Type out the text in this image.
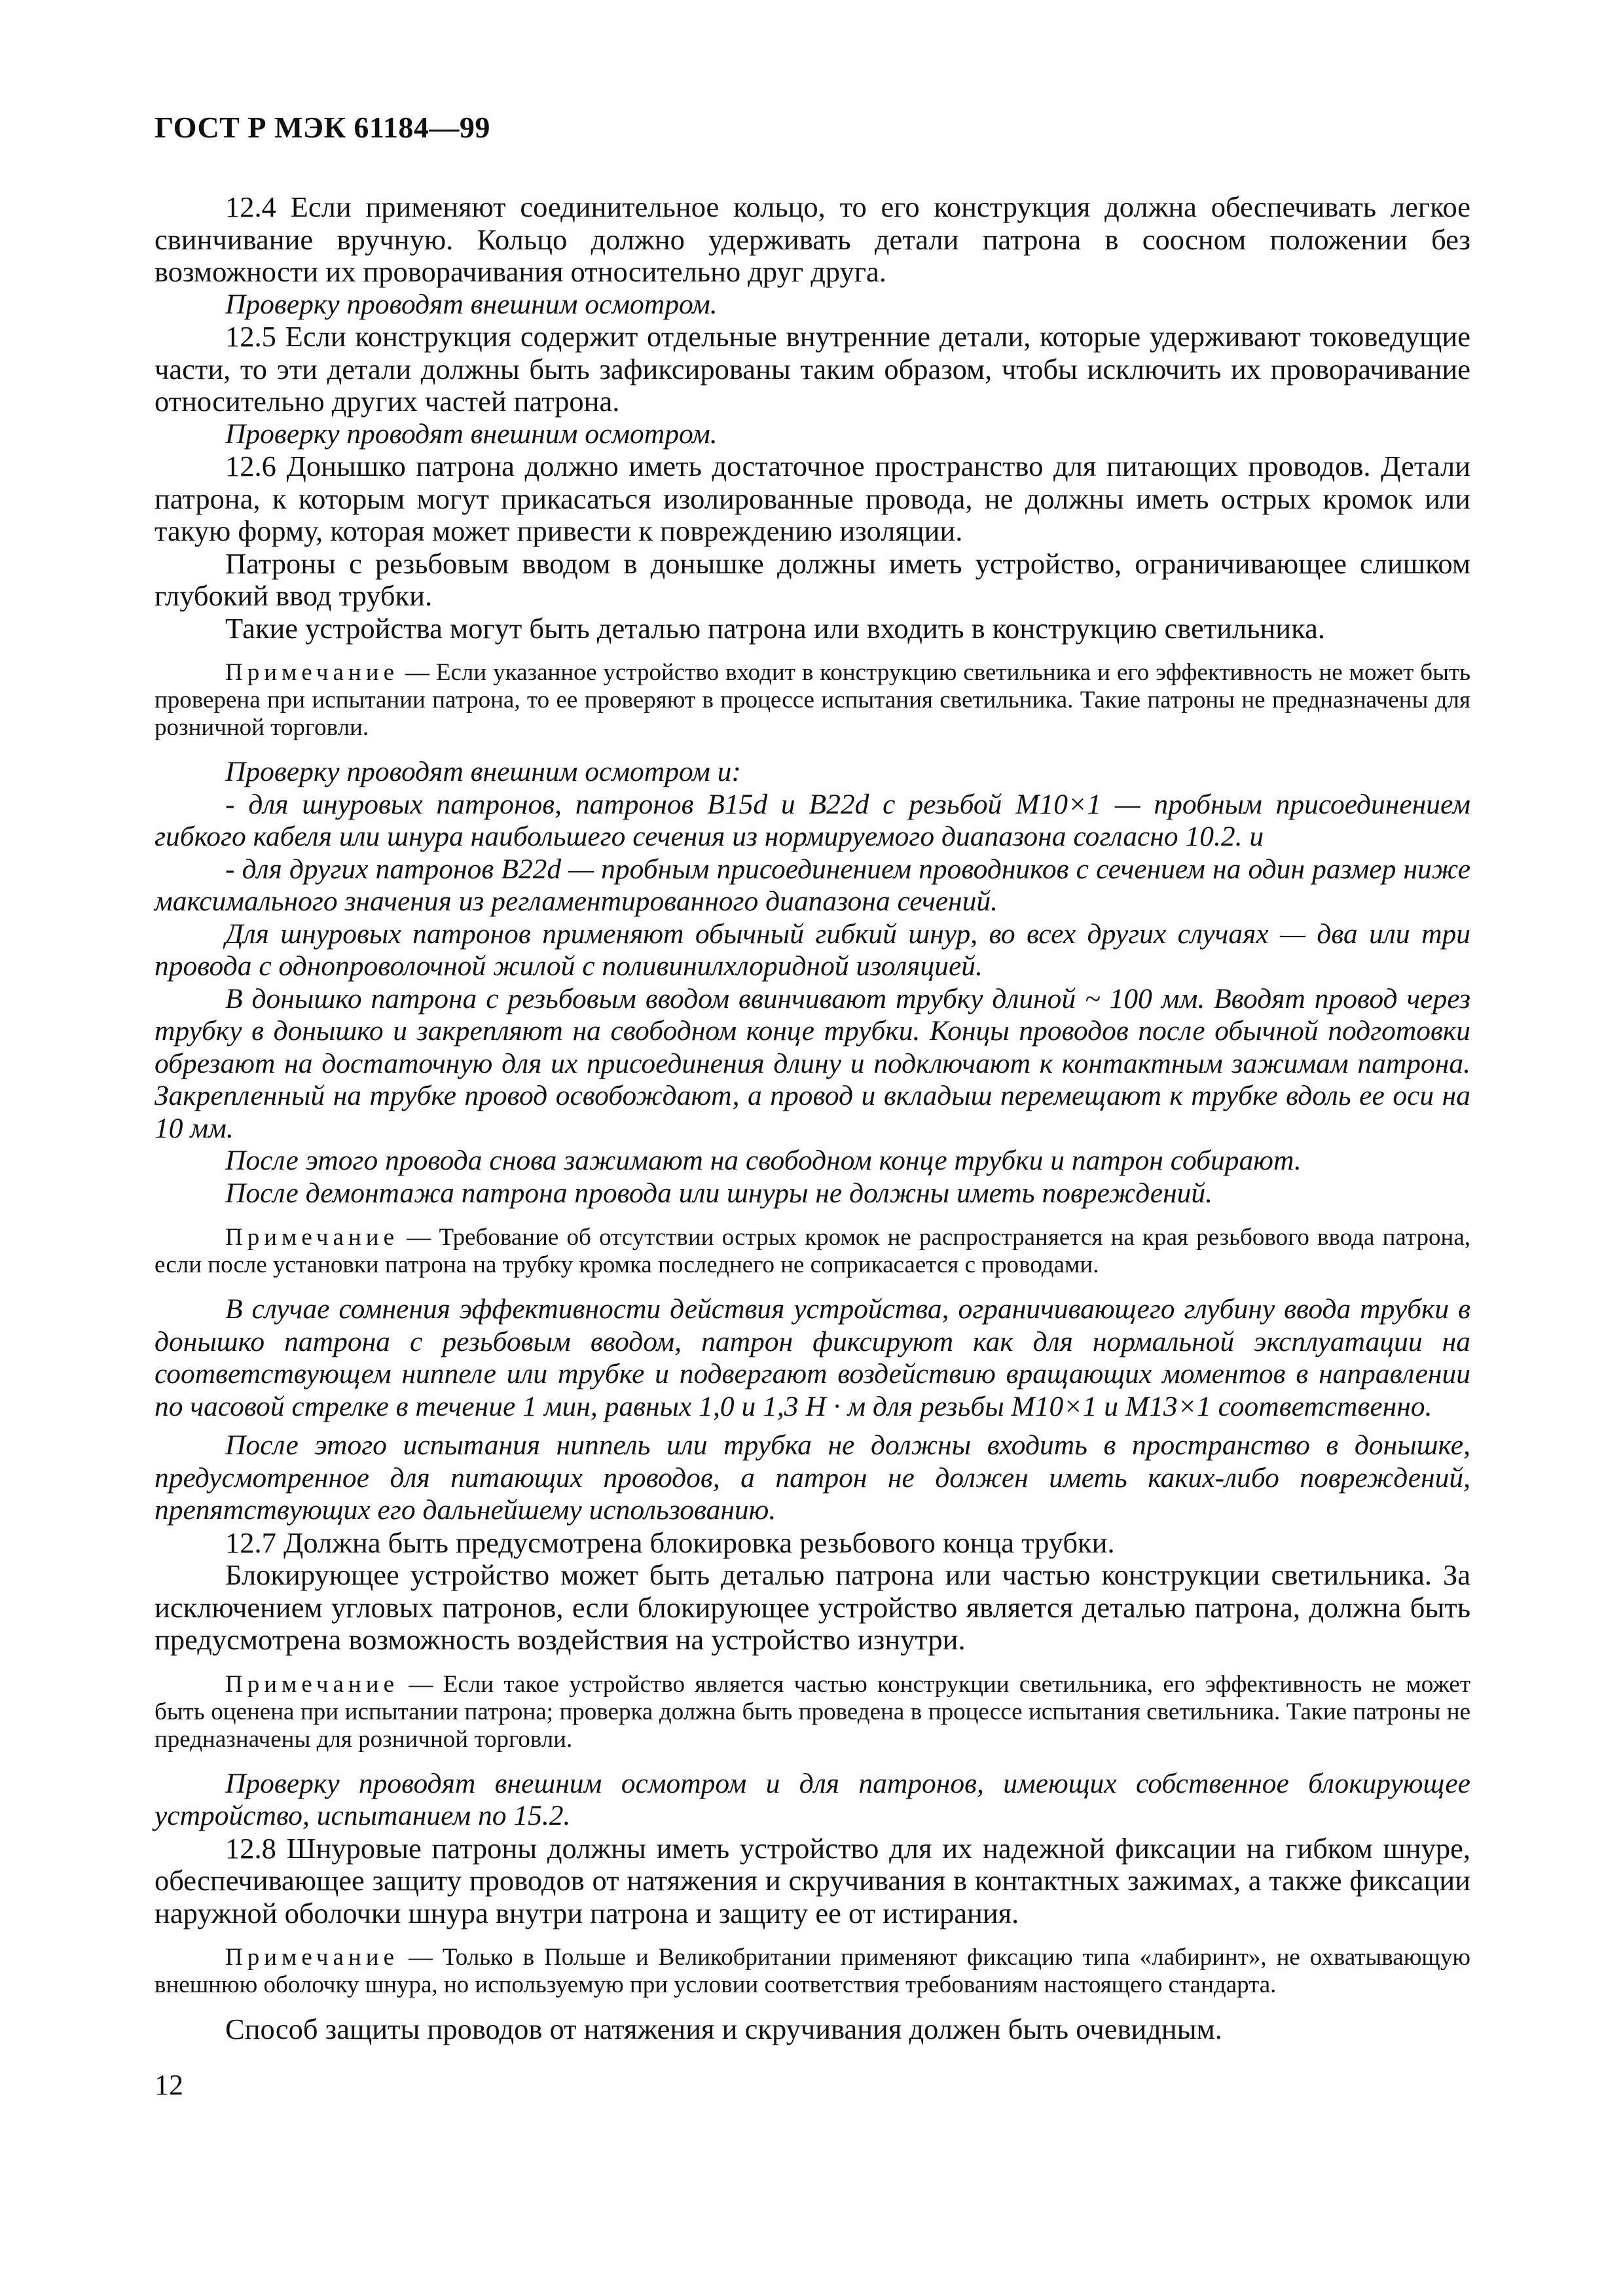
ГОСТ Р МЭК 61184—99

12.4 Если применяют соединительное кольцо, то его конструкция должна обеспечивать легкое свинчивание вручную. Кольцо должно удерживать детали патрона в соосном положении без возможности их проворачивания относительно друг друга.

Проверку проводят внешним осмотром.

12.5 Если конструкция содержит отдельные внутренние детали, которые удерживают токоведущие части, то эти детали должны быть зафиксированы таким образом, чтобы исключить их проворачивание относительно других частей патрона.

Проверку проводят внешним осмотром.

12.6 Донышко патрона должно иметь достаточное пространство для питающих проводов. Детали патрона, к которым могут прикасаться изолированные провода, не должны иметь острых кромок или такую форму, которая может привести к повреждению изоляции.

Патроны с резьбовым вводом в донышке должны иметь устройство, ограничивающее слишком глубокий ввод трубки.

Такие устройства могут быть деталью патрона или входить в конструкцию светильника.

Примечание — Если указанное устройство входит в конструкцию светильника и его эффективность не может быть проверена при испытании патрона, то ее проверяют в процессе испытания светильника. Такие патроны не предназначены для розничной торговли.

Проверку проводят внешним осмотром и:

- для шнуровых патронов, патронов B15d и B22d с резьбой M10×1 — пробным присоединением гибкого кабеля или шнура наибольшего сечения из нормируемого диапазона согласно 10.2. и

- для других патронов B22d — пробным присоединением проводников с сечением на один размер ниже максимального значения из регламентированного диапазона сечений.

Для шнуровых патронов применяют обычный гибкий шнур, во всех других случаях — два или три провода с однопроволочной жилой с поливинилхлоридной изоляцией.

В донышко патрона с резьбовым вводом ввинчивают трубку длиной ~ 100 мм. Вводят провод через трубку в донышко и закрепляют на свободном конце трубки. Концы проводов после обычной подготовки обрезают на достаточную для их присоединения длину и подключают к контактным зажимам патрона. Закрепленный на трубке провод освобождают, а провод и вкладыш перемещают к трубке вдоль ее оси на 10 мм.

После этого провода снова зажимают на свободном конце трубки и патрон собирают.

После демонтажа патрона провода или шнуры не должны иметь повреждений.

Примечание — Требование об отсутствии острых кромок не распространяется на края резьбового ввода патрона, если после установки патрона на трубку кромка последнего не соприкасается с проводами.

В случае сомнения эффективности действия устройства, ограничивающего глубину ввода трубки в донышко патрона с резьбовым вводом, патрон фиксируют как для нормальной эксплуатации на соответствующем ниппеле или трубке и подвергают воздействию вращающих моментов в направлении по часовой стрелке в течение 1 мин, равных 1,0 и 1,3 Н · м для резьбы M10×1 и M13×1 соответственно.

После этого испытания ниппель или трубка не должны входить в пространство в донышке, предусмотренное для питающих проводов, а патрон не должен иметь каких-либо повреждений, препятствующих его дальнейшему использованию.

12.7 Должна быть предусмотрена блокировка резьбового конца трубки.

Блокирующее устройство может быть деталью патрона или частью конструкции светильника. За исключением угловых патронов, если блокирующее устройство является деталью патрона, должна быть предусмотрена возможность воздействия на устройство изнутри.

Примечание — Если такое устройство является частью конструкции светильника, его эффективность не может быть оценена при испытании патрона; проверка должна быть проведена в процессе испытания светильника. Такие патроны не предназначены для розничной торговли.

Проверку проводят внешним осмотром и для патронов, имеющих собственное блокирующее устройство, испытанием по 15.2.

12.8 Шнуровые патроны должны иметь устройство для их надежной фиксации на гибком шнуре, обеспечивающее защиту проводов от натяжения и скручивания в контактных зажимах, а также фиксации наружной оболочки шнура внутри патрона и защиту ее от истирания.

Примечание — Только в Польше и Великобритании применяют фиксацию типа «лабиринт», не охватывающую внешнюю оболочку шнура, но используемую при условии соответствия требованиям настоящего стандарта.

Способ защиты проводов от натяжения и скручивания должен быть очевидным.

12
